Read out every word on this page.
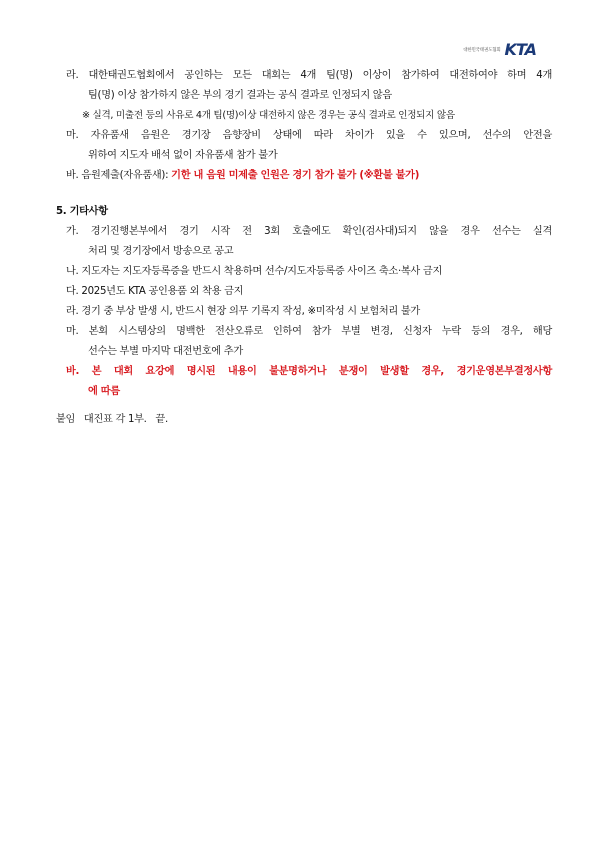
대한민국태권도협회 KTA
라. 대한태권도협회에서 공인하는 모든 대회는 4개 팀(명) 이상이 참가하여 대전하여야 하며 4개
팀(명) 이상 참가하지 않은 부의 경기 결과는 공식 결과로 인정되지 않음
※ 실격, 미출전 등의 사유로 4개 팀(명)이상 대전하지 않은 경우는 공식 결과로 인정되지 않음
마. 자유품새 음원은 경기장 음향장비 상태에 따라 차이가 있을 수 있으며, 선수의 안전을
위하여 지도자 배석 없이 자유품새 참가 불가
바. 음원제출(자유품새): 기한 내 음원 미제출 인원은 경기 참가 불가 (※환불 불가)
5. 기타사항
가. 경기진행본부에서 경기 시작 전 3회 호출에도 확인(검사대)되지 않을 경우 선수는 실격
처리 및 경기장에서 방송으로 공고
나. 지도자는 지도자등록증을 반드시 착용하며 선수/지도자등록증 사이즈 축소·복사 금지
다. 2025년도 KTA 공인용품 외 착용 금지
라. 경기 중 부상 발생 시, 반드시 현장 의무 기록지 작성, ※미작성 시 보험처리 불가
마. 본회 시스템상의 명백한 전산오류로 인하여 참가 부별 변경, 신청자 누락 등의 경우, 해당
선수는 부별 마지막 대전번호에 추가
바. 본 대회 요강에 명시된 내용이 불분명하거나 분쟁이 발생할 경우, 경기운영본부결정사항
에 따름
붙임   대진표 각 1부.   끝.
